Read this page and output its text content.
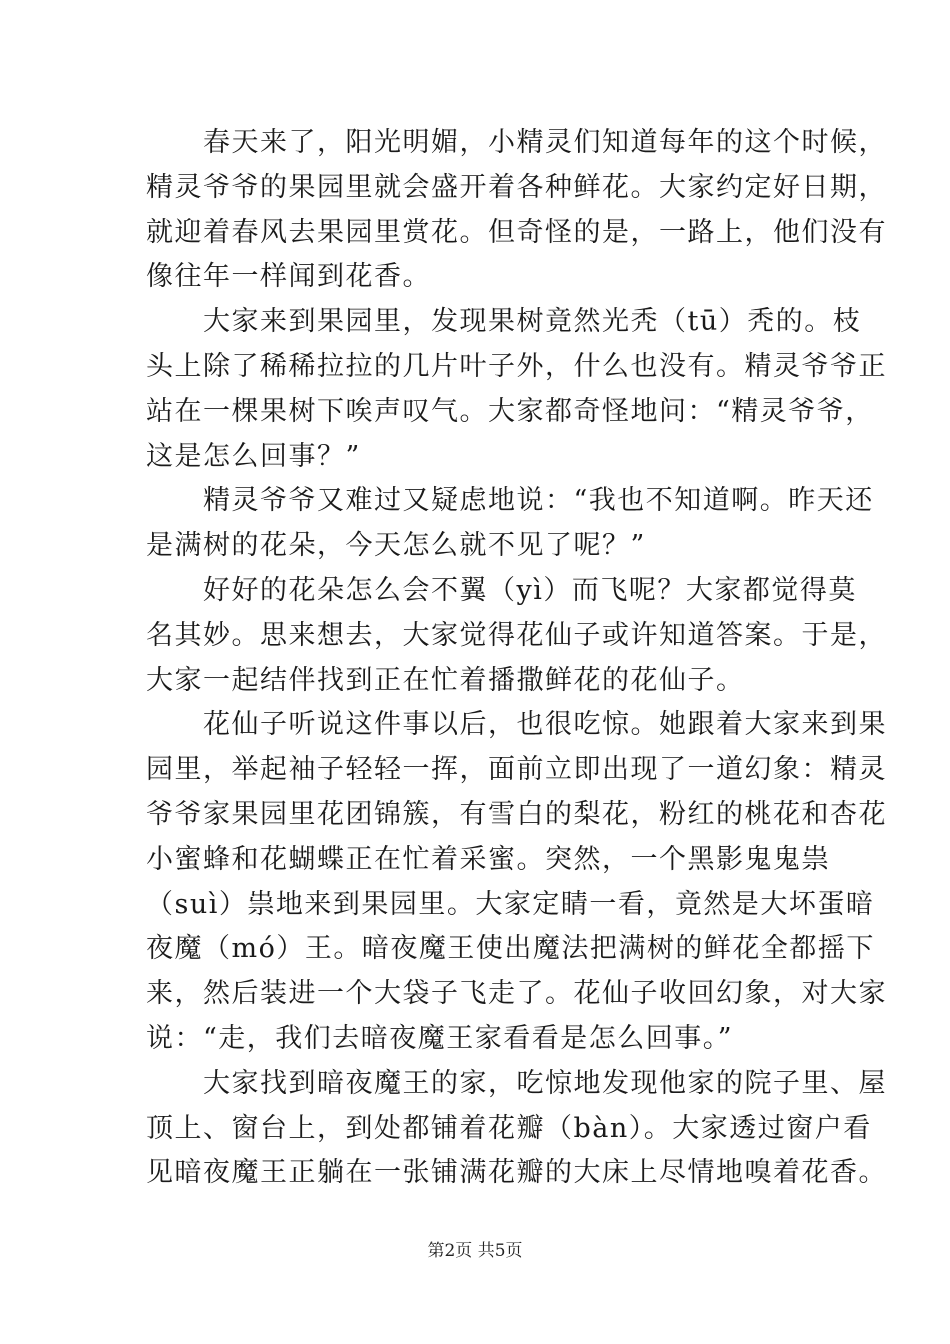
　　春天来了，阳光明媚，小精灵们知道每年的这个时候，
精灵爷爷的果园里就会盛开着各种鲜花。大家约定好日期，
就迎着春风去果园里赏花。但奇怪的是，一路上，他们没有
像往年一样闻到花香。
　　大家来到果园里，发现果树竟然光秃（tū）秃的。枝
头上除了稀稀拉拉的几片叶子外，什么也没有。精灵爷爷正
站在一棵果树下唉声叹气。大家都奇怪地问：“精灵爷爷，
这是怎么回事？”
　　精灵爷爷又难过又疑虑地说：“我也不知道啊。昨天还
是满树的花朵，今天怎么就不见了呢？”
　　好好的花朵怎么会不翼（yì）而飞呢？大家都觉得莫
名其妙。思来想去，大家觉得花仙子或许知道答案。于是，
大家一起结伴找到正在忙着播撒鲜花的花仙子。
　　花仙子听说这件事以后，也很吃惊。她跟着大家来到果
园里，举起袖子轻轻一挥，面前立即出现了一道幻象：精灵
爷爷家果园里花团锦簇，有雪白的梨花，粉红的桃花和杏花
小蜜蜂和花蝴蝶正在忙着采蜜。突然，一个黑影鬼鬼祟
（suì）祟地来到果园里。大家定睛一看，竟然是大坏蛋暗
夜魔（mó）王。暗夜魔王使出魔法把满树的鲜花全都摇下
来，然后装进一个大袋子飞走了。花仙子收回幻象，对大家
说：“走，我们去暗夜魔王家看看是怎么回事。”
　　大家找到暗夜魔王的家，吃惊地发现他家的院子里、屋
顶上、窗台上，到处都铺着花瓣（bàn）。大家透过窗户看
见暗夜魔王正躺在一张铺满花瓣的大床上尽情地嗅着花香。
第2页 共5页
